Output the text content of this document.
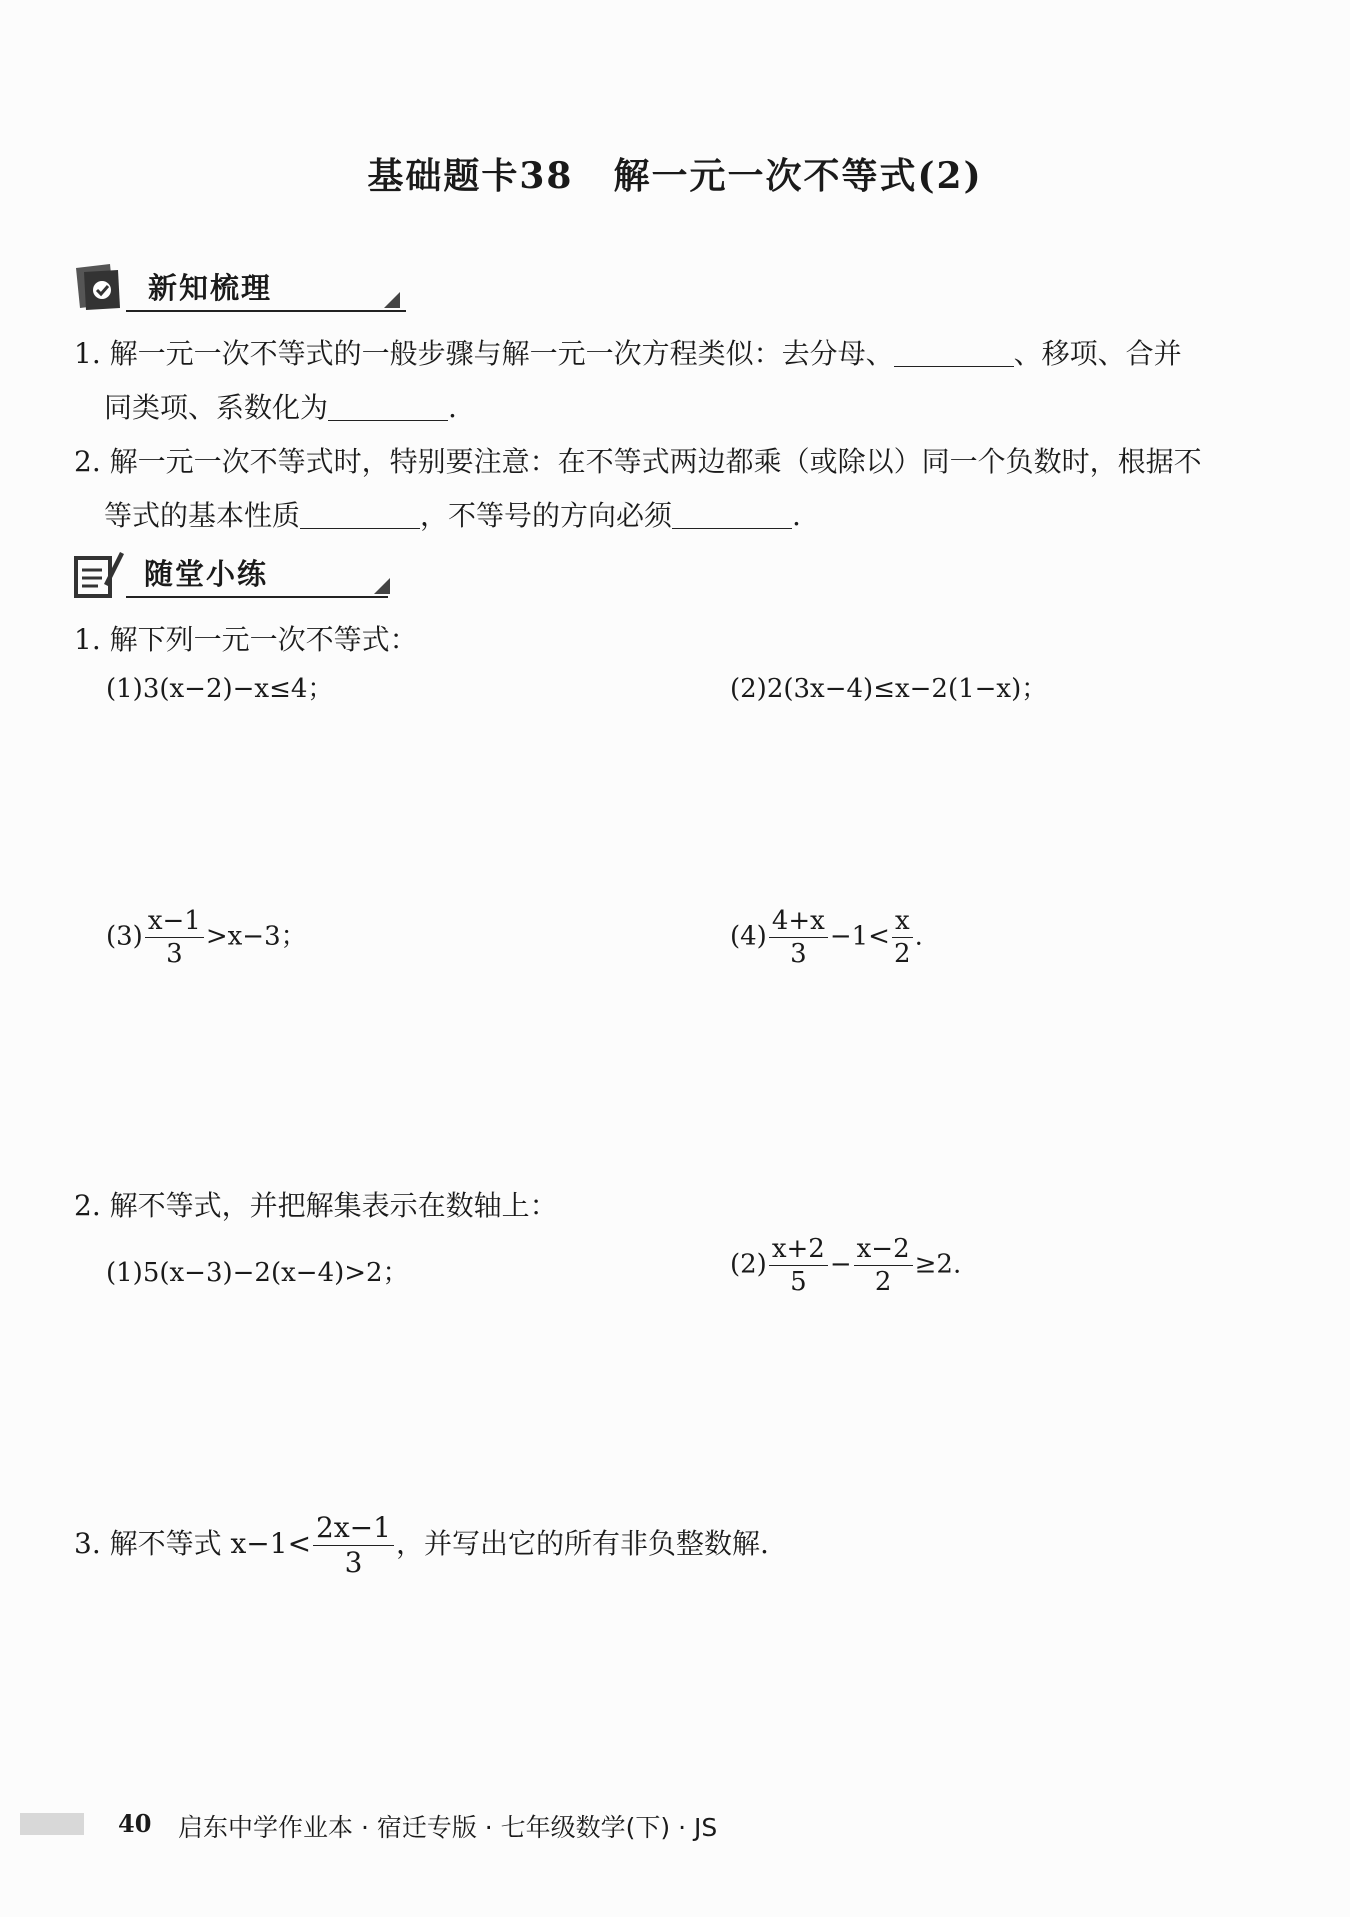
基础题卡38 解一元一次不等式(2)
新知梳理
1. 解一元一次不等式的一般步骤与解一元一次方程类似：去分母、	、移项、合并
同类项、系数化为	.
2. 解一元一次不等式时，特别要注意：在不等式两边都乘（或除以）同一个负数时，根据不
等式的基本性质	，不等号的方向必须	.
随堂小练
1. 解下列一元一次不等式：
(1)3(x−2)−x≤4；	(2)2(3x−4)≤x−2(1−x)；
$(3) \frac{x-1}{3} >x-3$；	$(4) \frac{4+x}{3} -1< \frac{x}{2}$ .
2. 解不等式，并把解集表示在数轴上：
(1)5(x−3)−2(x−4)>2；	$(2) \frac{x+2}{5} - \frac{x-2}{2} \ge 2$.
3. 解不等式 $x-1< \frac{2x-1}{3}$ ，并写出它的所有非负整数解.
40 启东中学作业本 · 宿迁专版 · 七年级数学(下) · JS
